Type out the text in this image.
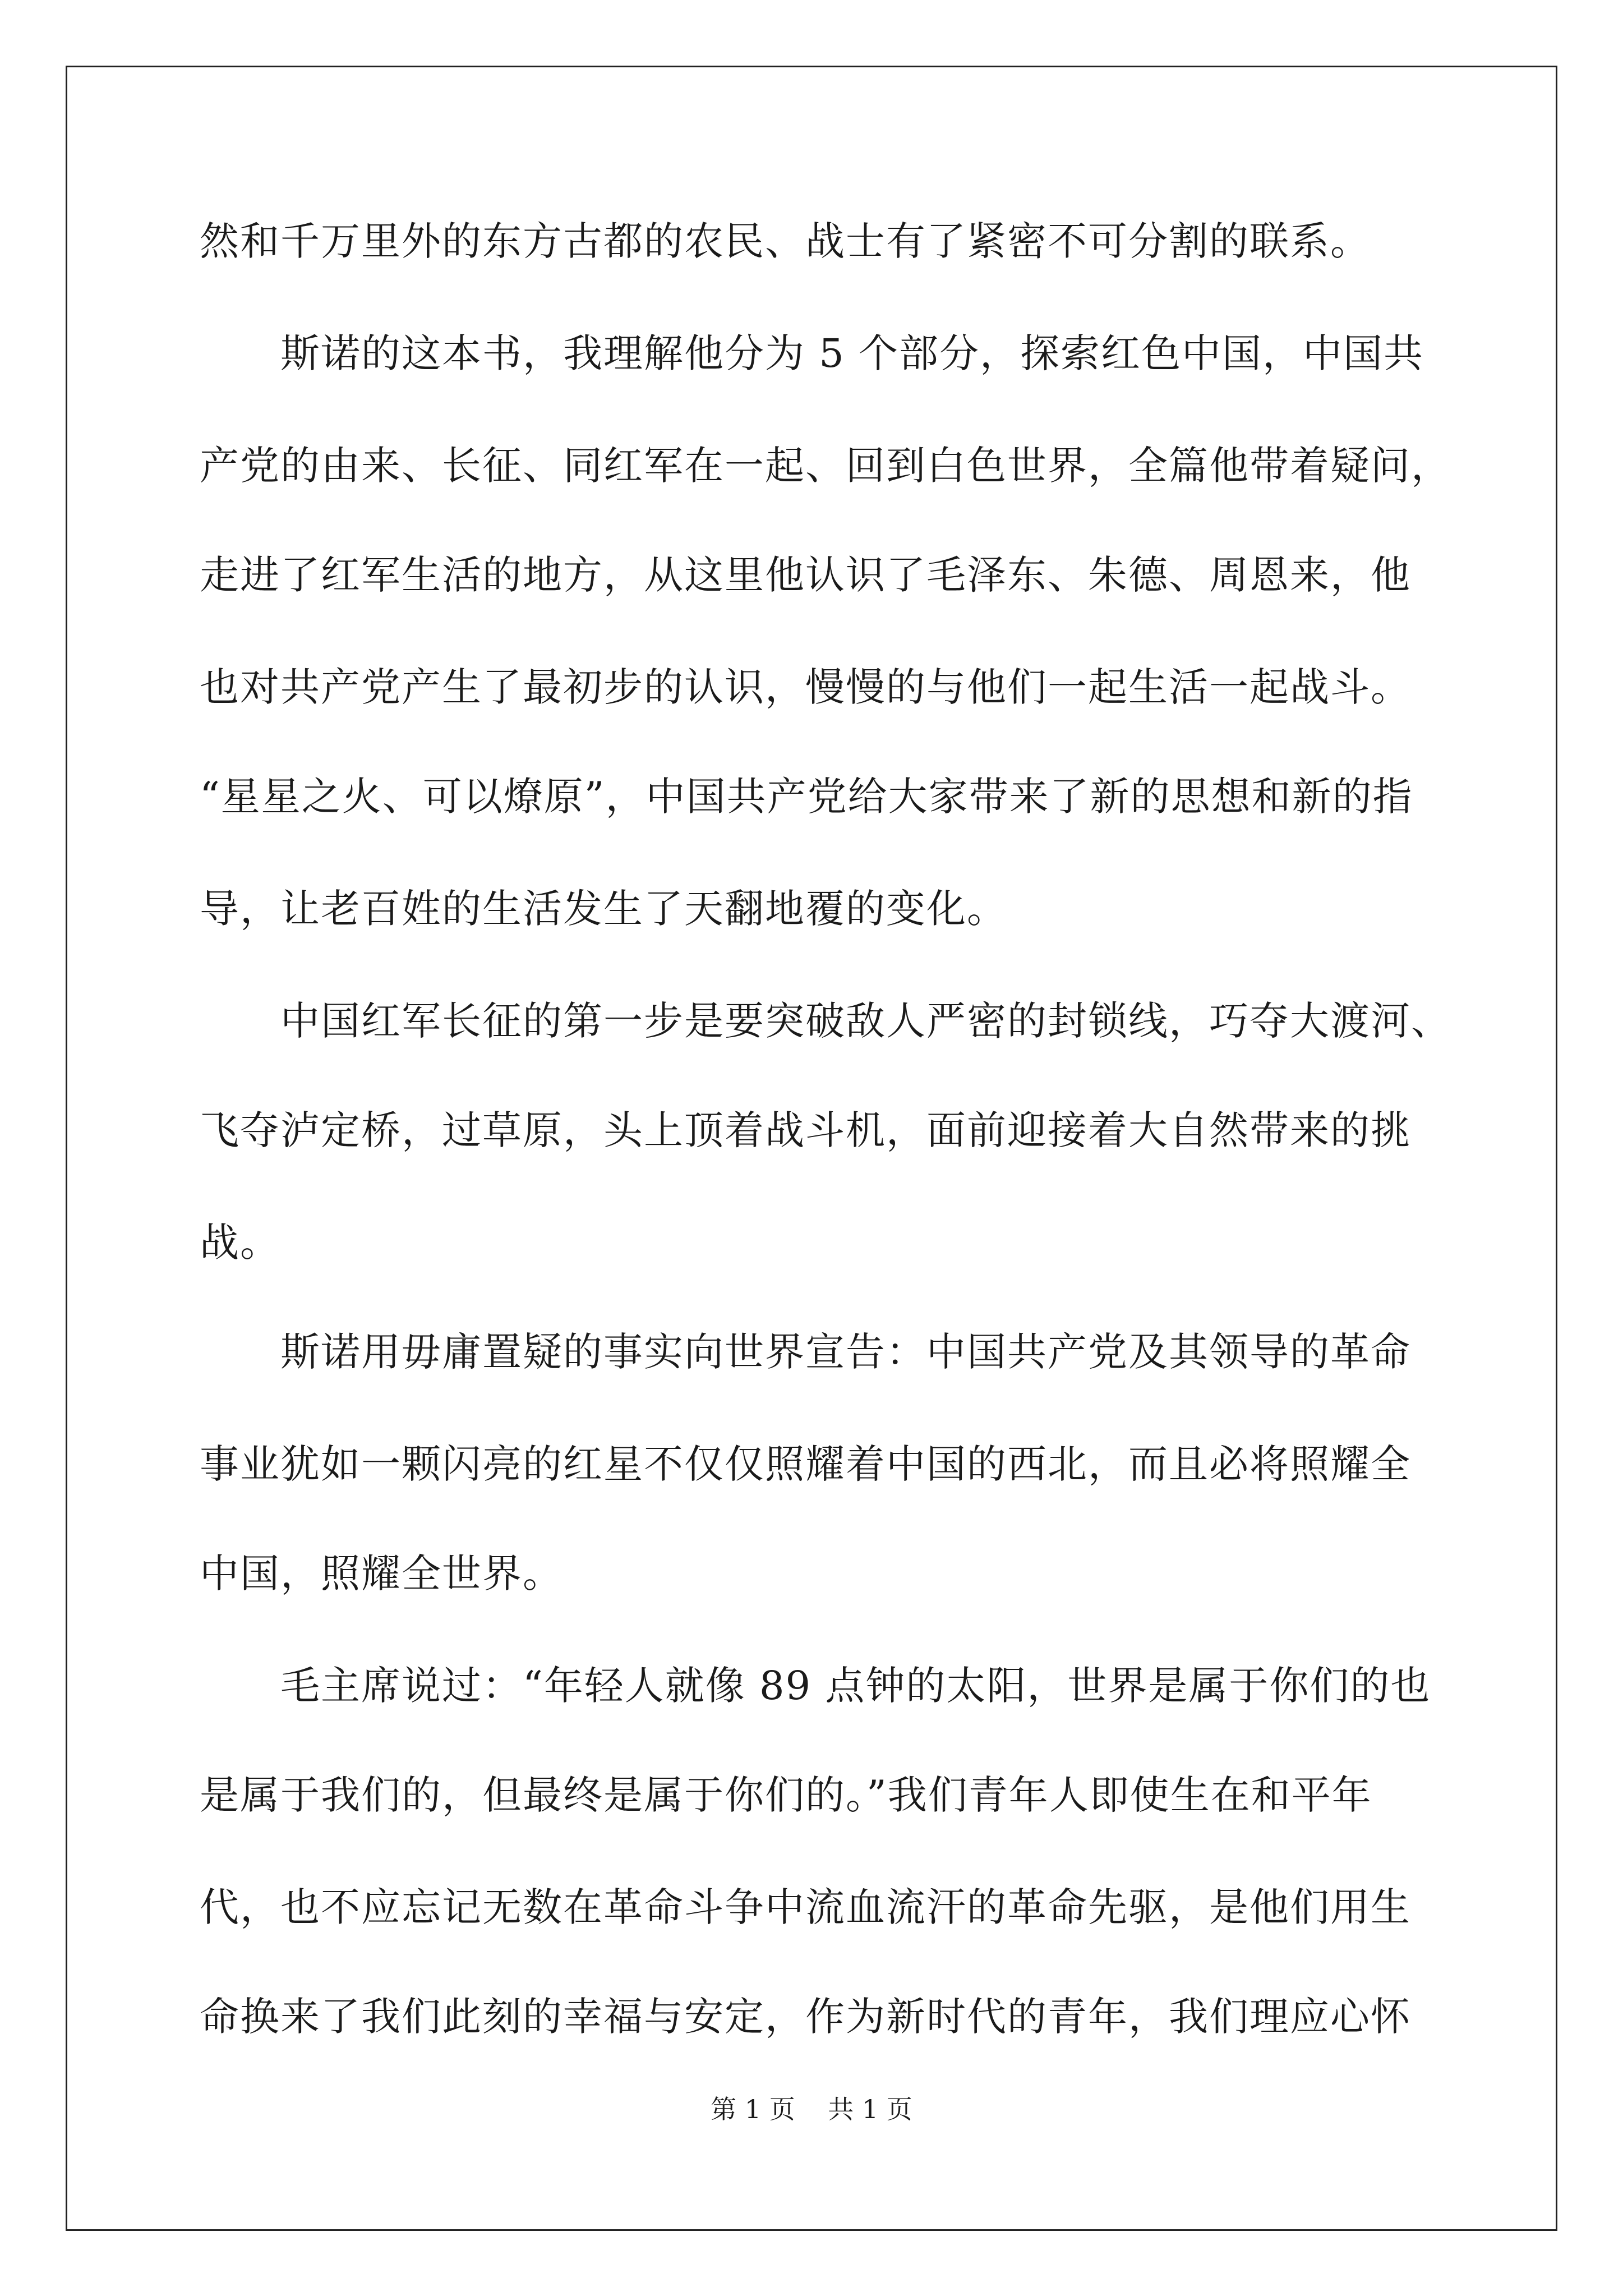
然和千万里外的东方古都的农民、战士有了紧密不可分割的联系。
斯诺的这本书，我理解他分为 5 个部分，探索红色中国，中国共
产党的由来、长征、同红军在一起、回到白色世界，全篇他带着疑问，
走进了红军生活的地方，从这里他认识了毛泽东、朱德、周恩来，他
也对共产党产生了最初步的认识，慢慢的与他们一起生活一起战斗。
“星星之火、可以燎原”，中国共产党给大家带来了新的思想和新的指
导，让老百姓的生活发生了天翻地覆的变化。
中国红军长征的第一步是要突破敌人严密的封锁线，巧夺大渡河、
飞夺泸定桥，过草原，头上顶着战斗机，面前迎接着大自然带来的挑
战。
斯诺用毋庸置疑的事实向世界宣告：中国共产党及其领导的革命
事业犹如一颗闪亮的红星不仅仅照耀着中国的西北，而且必将照耀全
中国，照耀全世界。
毛主席说过：“年轻人就像 89 点钟的太阳，世界是属于你们的也
是属于我们的，但最终是属于你们的。”我们青年人即使生在和平年
代，也不应忘记无数在革命斗争中流血流汗的革命先驱，是他们用生
命换来了我们此刻的幸福与安定，作为新时代的青年，我们理应心怀
第 1 页    共 1 页
